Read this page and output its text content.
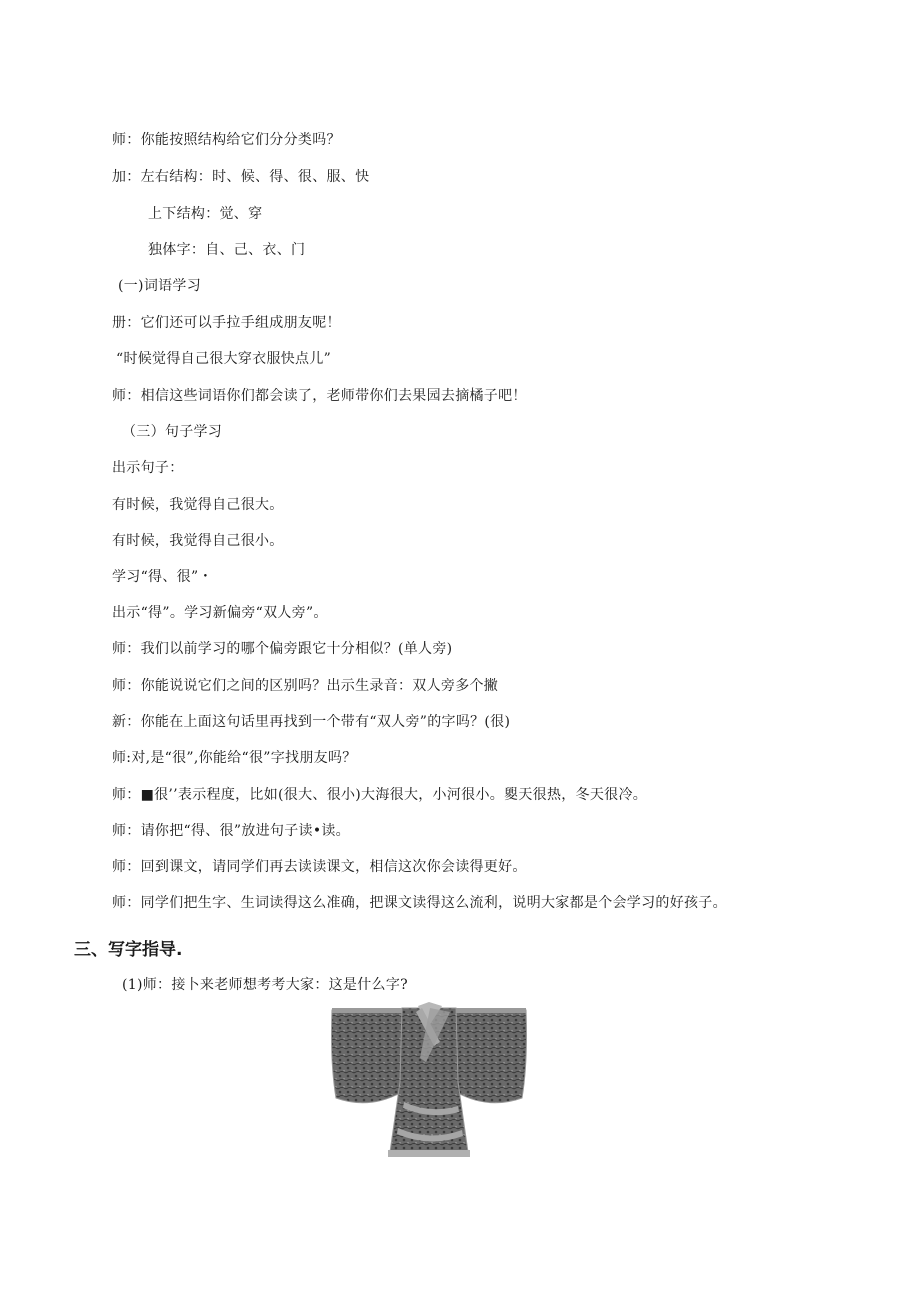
师：你能按照结构给它们分分类吗？
加：左右结构：时、候、得、很、服、快
上下结构：觉、穿
独体字：自、己、衣、门
(一)词语学习
册：它们还可以手拉手组成朋友呢！
“时候觉得自己很大穿衣服快点儿”
师：相信这些词语你们都会读了，老师带你们去果园去摘橘子吧！
（三）句子学习
出示句子：
有时候，我觉得自己很大。
有时候，我觉得自己很小。
学习“得、很”・
出示“得”。学习新偏旁“双人旁”。
师：我们以前学习的哪个偏旁跟它十分相似？(单人旁)
师：你能说说它们之间的区别吗？出示生录音：双人旁多个撇
新：你能在上面这句话里再找到一个带有“双人旁”的字吗？(很)
师:对,是“很”,你能给“很”字找朋友吗？
师：■很’’表示程度，比如(很大、很小)大海很大，小河很小。夓天很热，冬天很冷。
师：请你把“得、很”放进句子读•读。
师：回到课文，请同学们再去读读课文，相信这次你会读得更好。
师：同学们把生字、生词读得这么准确，把课文读得这么流利，说明大家都是个会学习的好孩子。
三、写字指导.
(1)师：接卜来老师想考考大家：这是什么字?
